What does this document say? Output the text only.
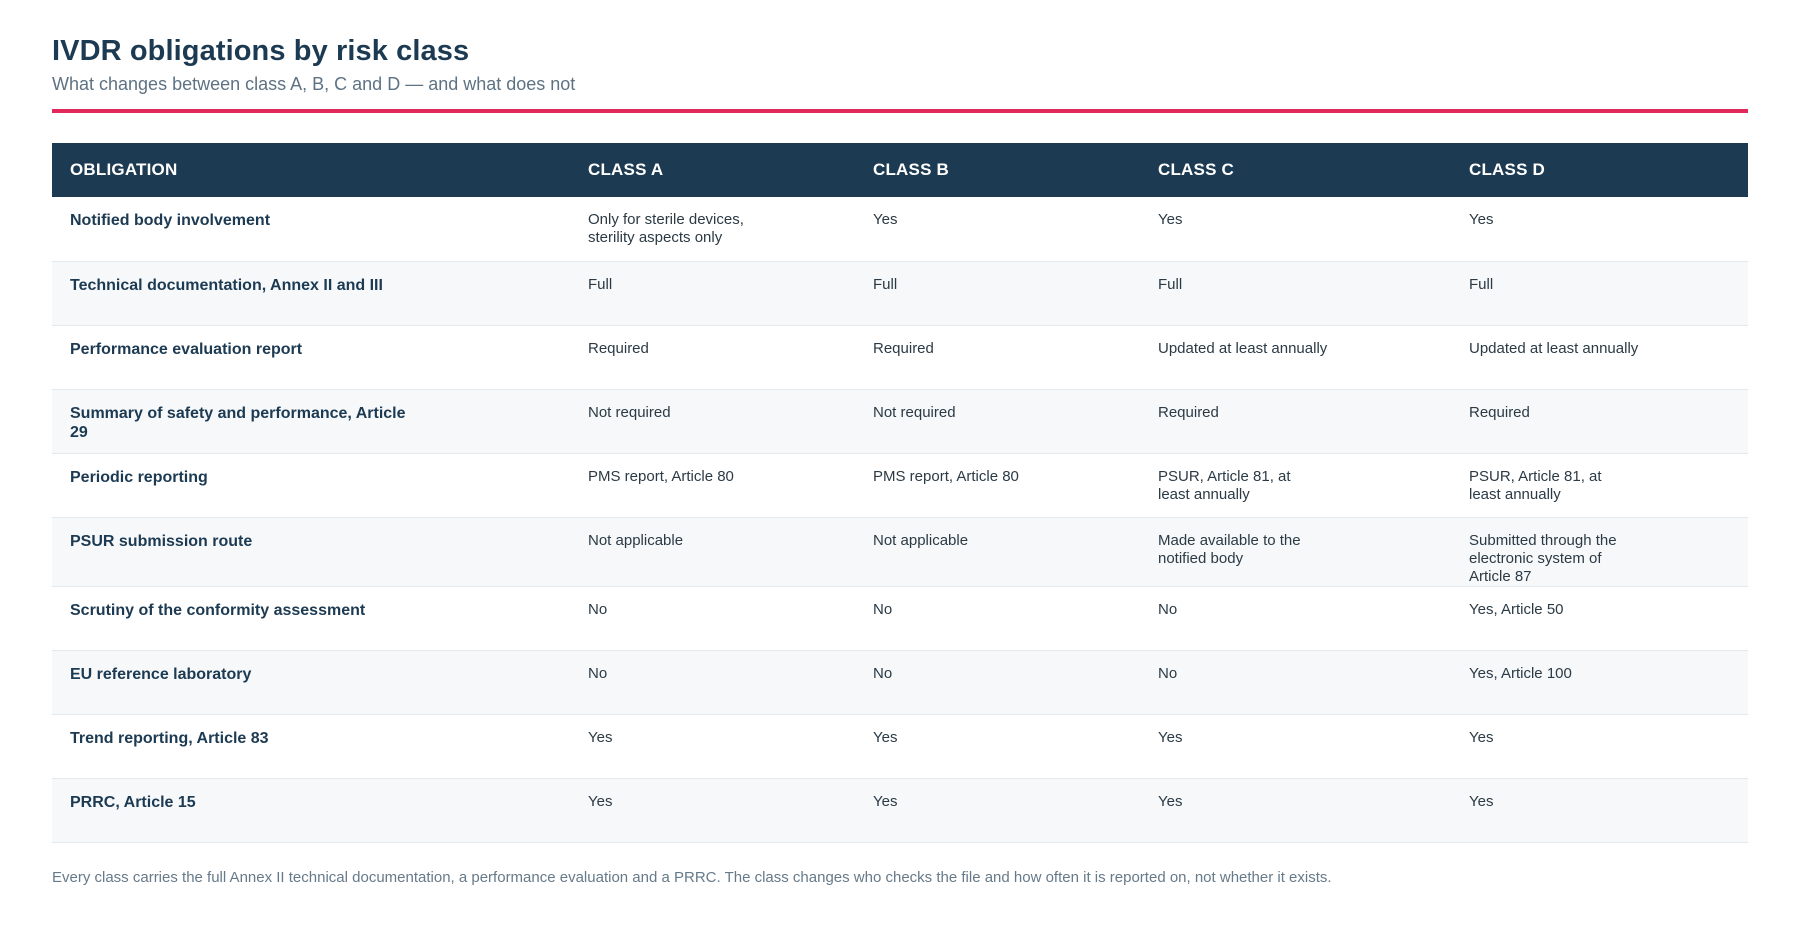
IVDR obligations by risk class
What changes between class A, B, C and D — and what does not
OBLIGATION	CLASS A	CLASS B	CLASS C	CLASS D
Notified body involvement	Only for sterile devices, sterility aspects only	Yes	Yes	Yes

Technical documentation, Annex II and III	Full	Full	Full	Full

Performance evaluation report	Required	Required	Updated at least annually	Updated at least annually

Summary of safety and performance, Article 29	Not required	Not required	Required	Required

Periodic reporting	PMS report, Article 80	PMS report, Article 80	PSUR, Article 81, at least annually	PSUR, Article 81, at least annually

PSUR submission route	Not applicable	Not applicable	Made available to the notified body	Submitted through the electronic system of Article 87

Scrutiny of the conformity assessment	No	No	No	Yes, Article 50

EU reference laboratory	No	No	No	Yes, Article 100

Trend reporting, Article 83	Yes	Yes	Yes	Yes

PRRC, Article 15	Yes	Yes	Yes	Yes
Every class carries the full Annex II technical documentation, a performance evaluation and a PRRC. The class changes who checks the file and how often it is reported on, not whether it exists.
